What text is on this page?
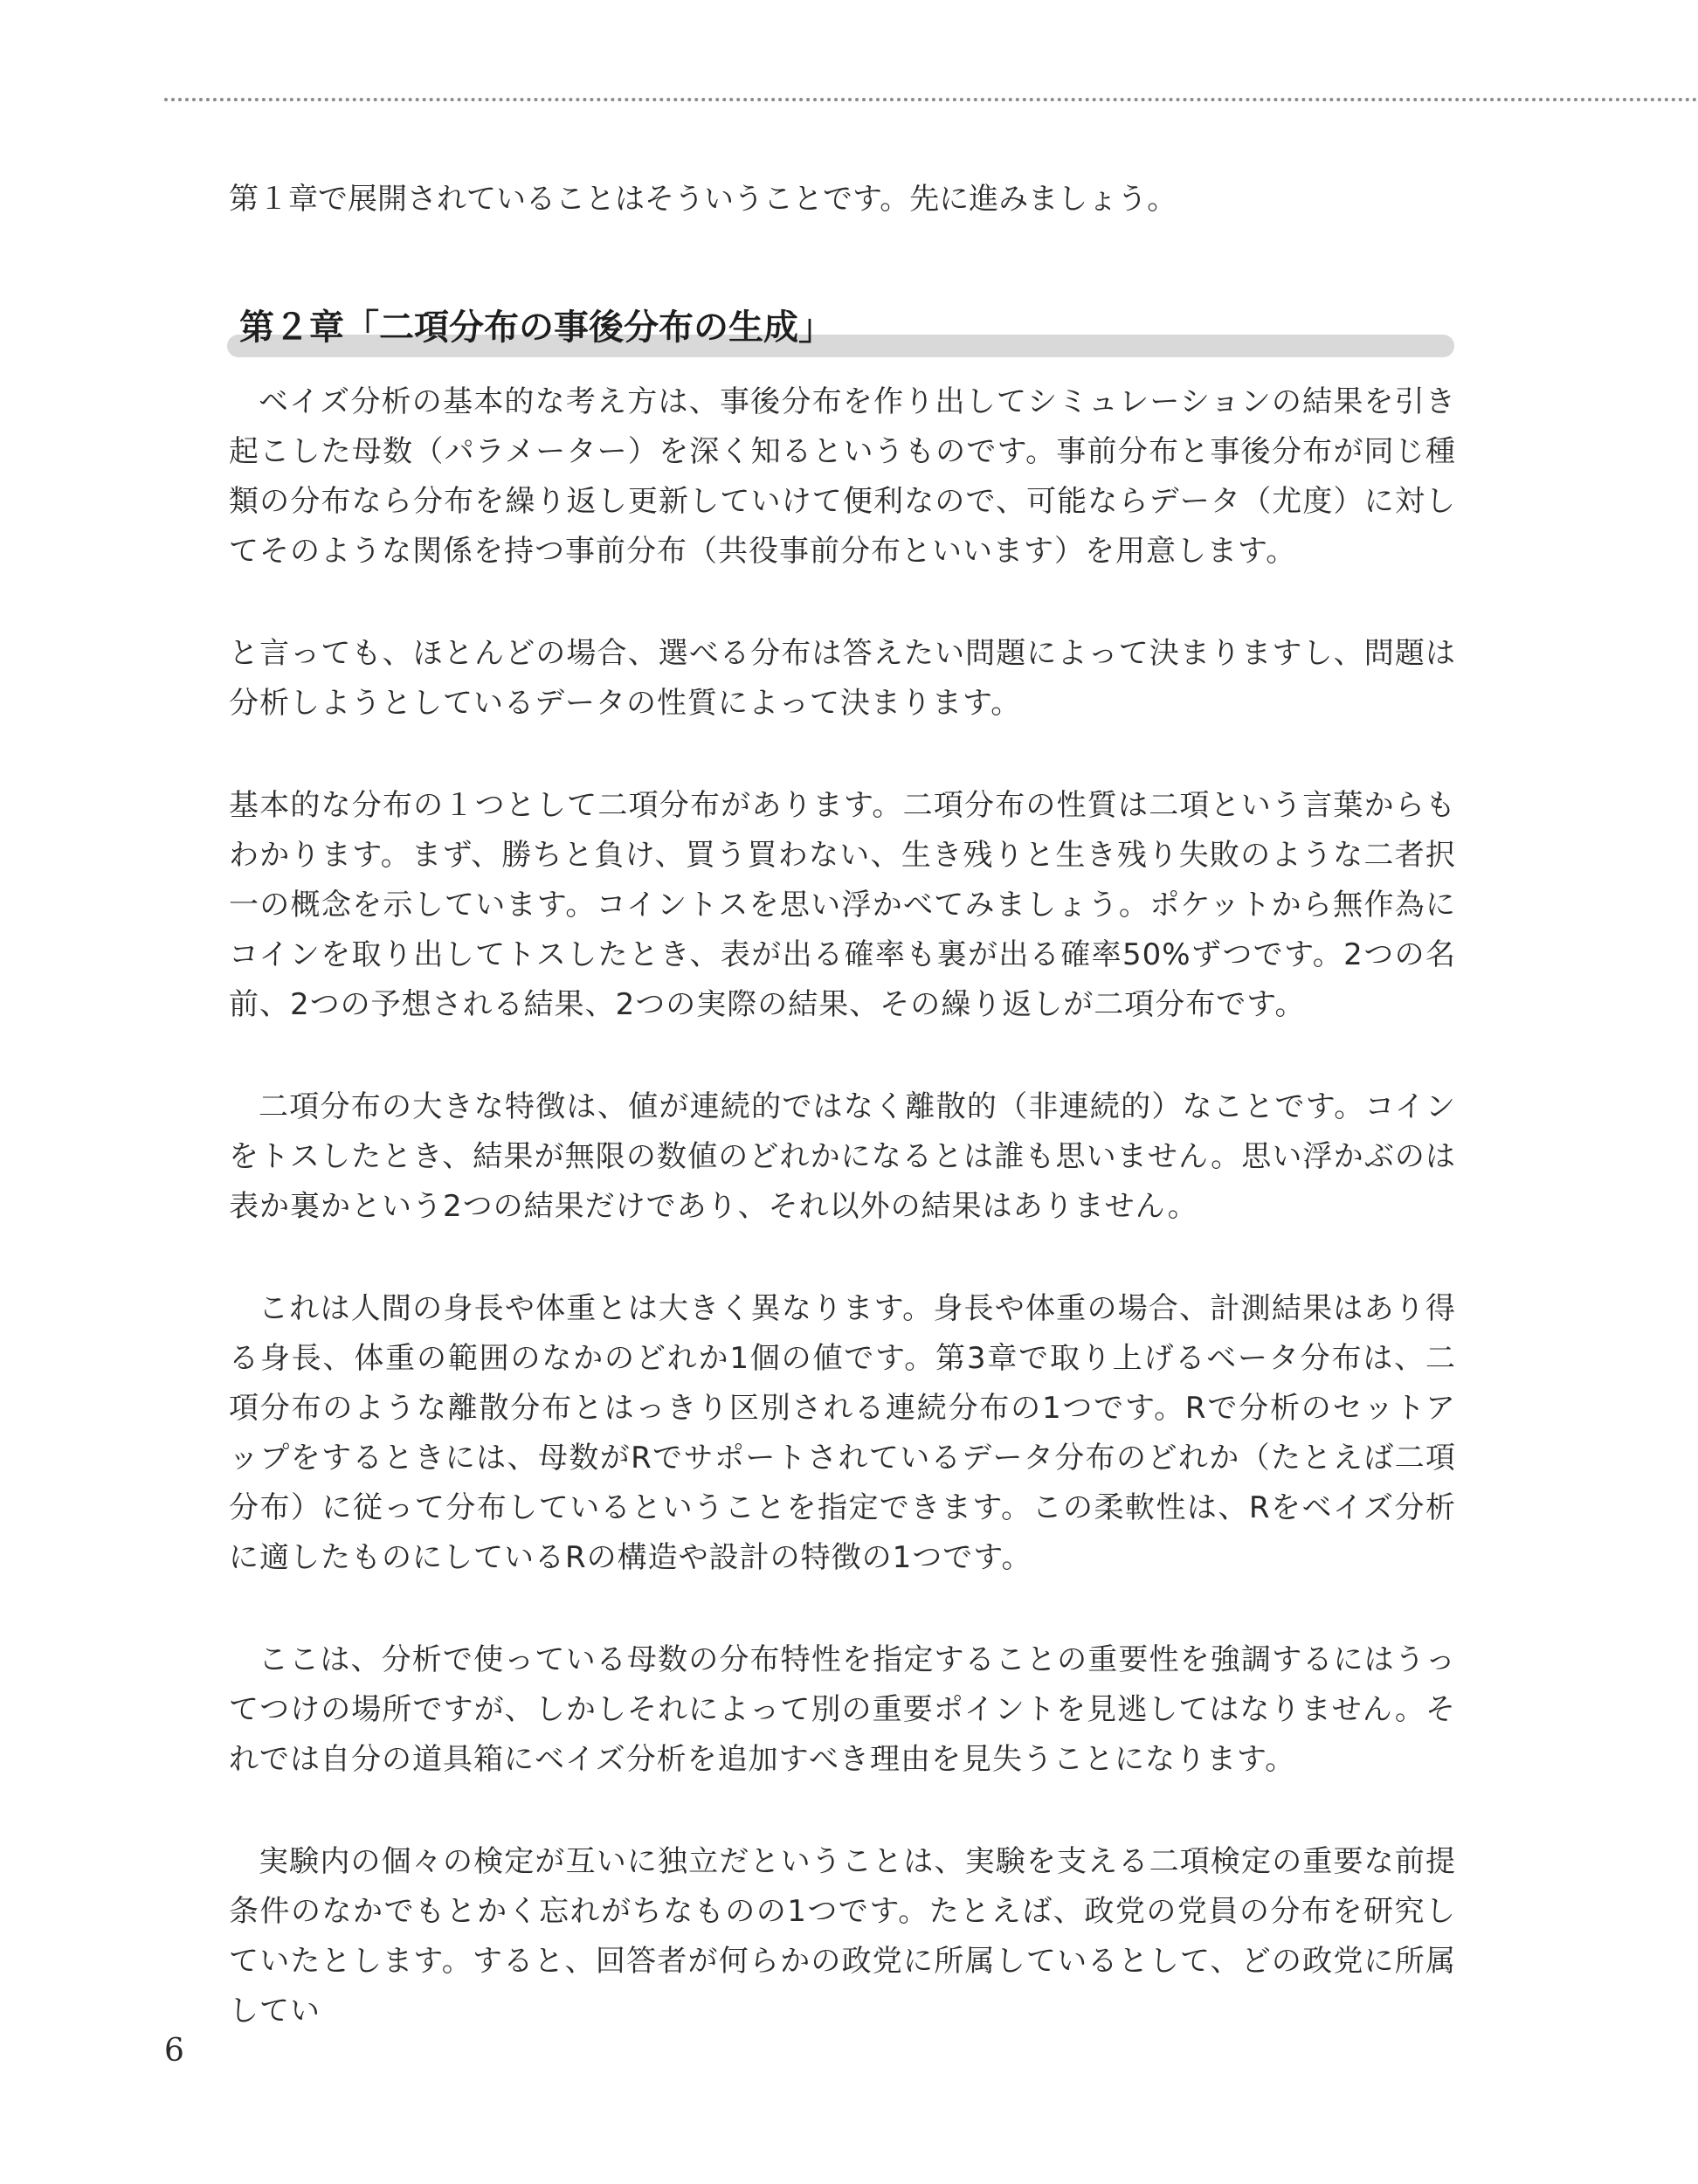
第１章で展開されていることはそういうことです。先に進みましょう。

第２章「二項分布の事後分布の生成」

ベイズ分析の基本的な考え方は、事後分布を作り出してシミュレーションの結果を引き起こした母数（パラメーター）を深く知るというものです。事前分布と事後分布が同じ種類の分布なら分布を繰り返し更新していけて便利なので、可能ならデータ（尤度）に対してそのような関係を持つ事前分布（共役事前分布といいます）を用意します。

と言っても、ほとんどの場合、選べる分布は答えたい問題によって決まりますし、問題は分析しようとしているデータの性質によって決まります。

基本的な分布の１つとして二項分布があります。二項分布の性質は二項という言葉からもわかります。まず、勝ちと負け、買う買わない、生き残りと生き残り失敗のような二者択一の概念を示しています。コイントスを思い浮かべてみましょう。ポケットから無作為にコインを取り出してトスしたとき、表が出る確率も裏が出る確率50%ずつです。2つの名前、2つの予想される結果、2つの実際の結果、その繰り返しが二項分布です。

二項分布の大きな特徴は、値が連続的ではなく離散的（非連続的）なことです。コインをトスしたとき、結果が無限の数値のどれかになるとは誰も思いません。思い浮かぶのは表か裏かという2つの結果だけであり、それ以外の結果はありません。

これは人間の身長や体重とは大きく異なります。身長や体重の場合、計測結果はあり得る身長、体重の範囲のなかのどれか1個の値です。第3章で取り上げるベータ分布は、二項分布のような離散分布とはっきり区別される連続分布の1つです。Rで分析のセットアップをするときには、母数がRでサポートされているデータ分布のどれか（たとえば二項分布）に従って分布しているということを指定できます。この柔軟性は、Rをベイズ分析に適したものにしているRの構造や設計の特徴の1つです。

ここは、分析で使っている母数の分布特性を指定することの重要性を強調するにはうってつけの場所ですが、しかしそれによって別の重要ポイントを見逃してはなりません。それでは自分の道具箱にベイズ分析を追加すべき理由を見失うことになります。

実験内の個々の検定が互いに独立だということは、実験を支える二項検定の重要な前提条件のなかでもとかく忘れがちなものの1つです。たとえば、政党の党員の分布を研究していたとします。すると、回答者が何らかの政党に所属しているとして、どの政党に所属してい

6
